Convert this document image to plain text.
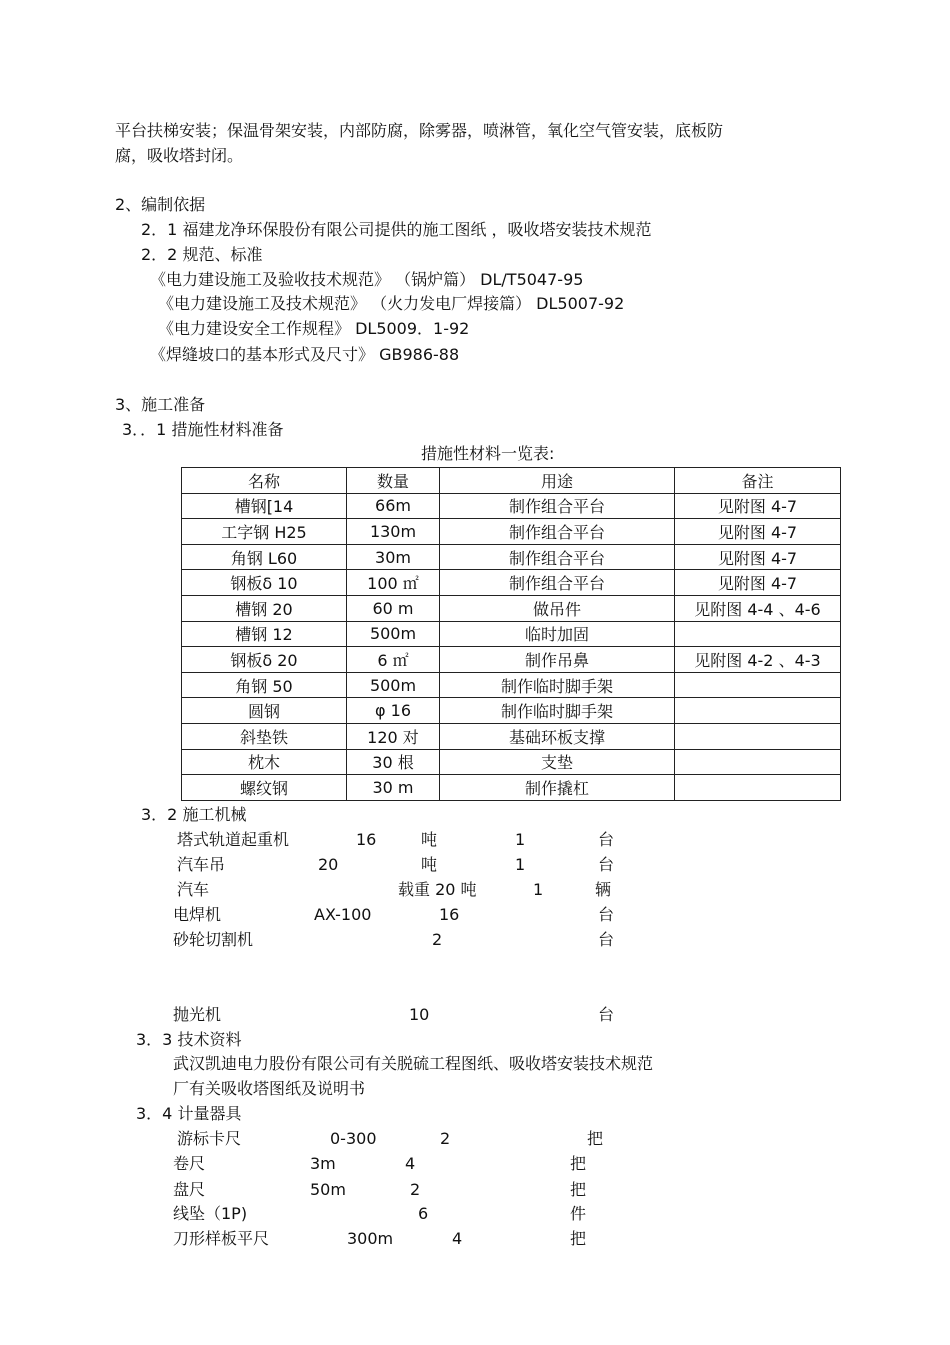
平台扶梯安装；保温骨架安装，内部防腐，除雾器，喷淋管，氧化空气管安装，底板防
腐，吸收塔封闭。
2、编制依据
2．1 福建龙净环保股份有限公司提供的施工图纸 ，吸收塔安装技术规范
2．2 规范、标准
《电力建设施工及验收技术规范》 （锅炉篇） DL/T5047-95
《电力建设施工及技术规范》 （火力发电厂焊接篇） DL5007-92
《电力建设安全工作规程》 DL5009．1-92
《焊缝坡口的基本形式及尺寸》 GB986-88
3、施工准备
3．．1 措施性材料准备
措施性材料一览表:
名称	数量	用途	备注
槽钢[14	66m	制作组合平台	见附图 4-7
工字钢 H25	130m	制作组合平台	见附图 4-7
角钢 L60	30m	制作组合平台	见附图 4-7
钢板δ 10	100 ㎡	制作组合平台	见附图 4-7
槽钢 20	60 m	做吊件	见附图 4-4 、4-6
槽钢 12	500m	临时加固	
钢板δ 20	6 ㎡	制作吊鼻	见附图 4-2 、4-3
角钢 50	500m	制作临时脚手架	
圆钢	φ 16	制作临时脚手架	
斜垫铁	120 对	基础环板支撑	
枕木	30 根	支垫	
螺纹钢	30 m	制作撬杠	
3．2 施工机械
塔式轨道起重机	16	吨	1	台
汽车吊	20	吨	1	台
汽车	载重 20 吨	1	辆
电焊机	AX-100	16	台
砂轮切割机	2	台
抛光机	10	台
3．3 技术资料
武汉凯迪电力股份有限公司有关脱硫工程图纸、吸收塔安装技术规范
厂有关吸收塔图纸及说明书
3．4 计量器具
游标卡尺	0-300	2	把
卷尺	3m	4	把
盘尺	50m	2	把
线坠（1P)	6	件
刀形样板平尺	300m	4	把
